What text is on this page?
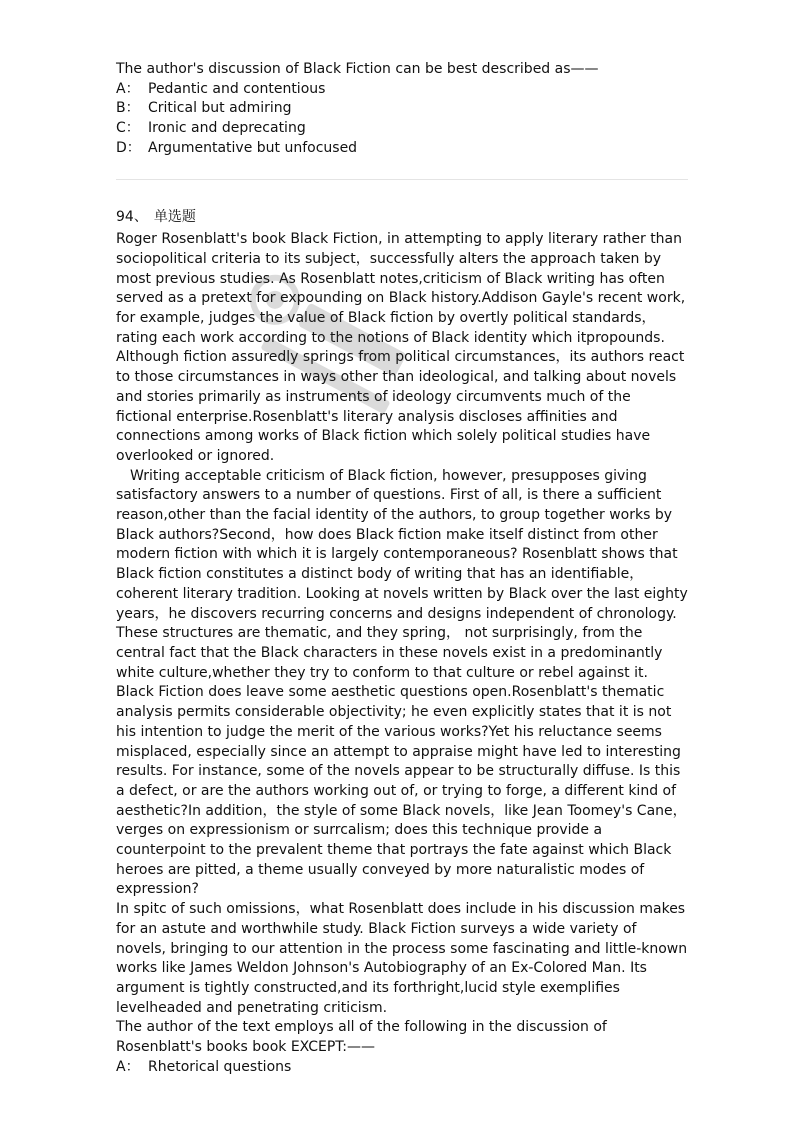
The author's discussion of Black Fiction can be best described as——

A： Pedantic and contentious

B： Critical but admiring

C： Ironic and deprecating

D： Argumentative but unfocused

94、 单选题

Roger Rosenblatt's book Black Fiction, in attempting to apply literary rather than sociopolitical criteria to its subject，successfully alters the approach taken by most previous studies. As Rosenblatt notes,criticism of Black writing has often served as a pretext for expounding on Black history.Addison Gayle's recent work, for example, judges the value of Black fiction by overtly political standards，rating each work according to the notions of Black identity which itpropounds.

Although fiction assuredly springs from political circumstances，its authors react to those circumstances in ways other than ideological, and talking about novels and stories primarily as instruments of ideology circumvents much of the fictional enterprise.Rosenblatt's literary analysis discloses affinities and connections among works of Black fiction which solely political studies have overlooked or ignored.

Writing acceptable criticism of Black fiction, however, presupposes giving satisfactory answers to a number of questions. First of all, is there a sufficient reason,other than the facial identity of the authors, to group together works by Black authors?Second，how does Black fiction make itself distinct from other modern fiction with which it is largely contemporaneous? Rosenblatt shows that Black fiction constitutes a distinct body of writing that has an identifiable，coherent literary tradition. Looking at novels written by Black over the last eighty years，he discovers recurring concerns and designs independent of chronology. These structures are thematic, and they spring， not surprisingly, from the central fact that the Black characters in these novels exist in a predominantly white culture,whether they try to conform to that culture or rebel against it.

Black Fiction does leave some aesthetic questions open.Rosenblatt's thematic analysis permits considerable objectivity; he even explicitly states that it is not his intention to judge the merit of the various works?Yet his reluctance seems misplaced, especially since an attempt to appraise might have led to interesting results. For instance, some of the novels appear to be structurally diffuse. Is this a defect, or are the authors working out of, or trying to forge, a different kind of aesthetic?In addition，the style of some Black novels，like Jean Toomey's Cane，verges on expressionism or surrcalism; does this technique provide a counterpoint to the prevalent theme that portrays the fate against which Black heroes are pitted, a theme usually conveyed by more naturalistic modes of expression?

In spitc of such omissions，what Rosenblatt does include in his discussion makes for an astute and worthwhile study. Black Fiction surveys a wide variety of novels, bringing to our attention in the process some fascinating and little-known works like James Weldon Johnson's Autobiography of an Ex-Colored Man. Its argument is tightly constructed,and its forthright,lucid style exemplifies levelheaded and penetrating criticism.

The author of the text employs all of the following in the discussion of Rosenblatt's books book EXCEPT:——

A： Rhetorical questions
